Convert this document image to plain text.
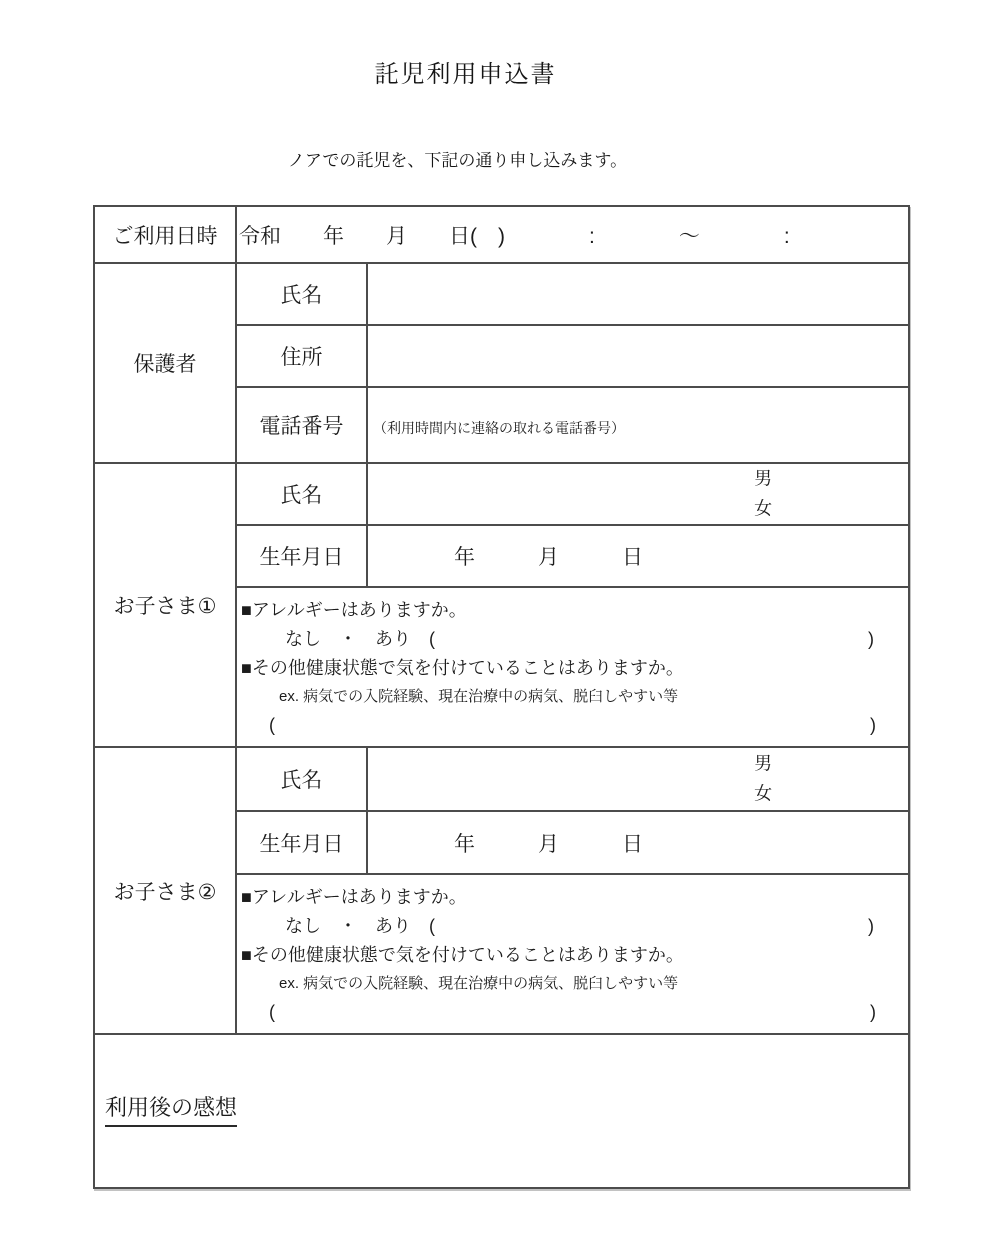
託児利用申込書
ノアでの託児を、下記の通り申し込みます。
ご利用日時	令和　　年　　月　　日(　)　　　　:　　　　～　　　　:	
保護者	氏名	
	住所	
	電話番号	（利用時間内に連絡の取れる電話番号）

お子さま①	氏名	男
女

	生年月日	　　　　年　　　月　　　日

■アレルギーはありますか。
なし　・　あり　(	)
■その他健康状態で気を付けていることはありますか。
ex. 病気での入院経験、現在治療中の病気、脱臼しやすい等
(	)

お子さま②	氏名	男
女

	生年月日	　　　　年　　　月　　　日

■アレルギーはありますか。
なし　・　あり　(	)
■その他健康状態で気を付けていることはありますか。
ex. 病気での入院経験、現在治療中の病気、脱臼しやすい等
(	)

利用後の感想		
